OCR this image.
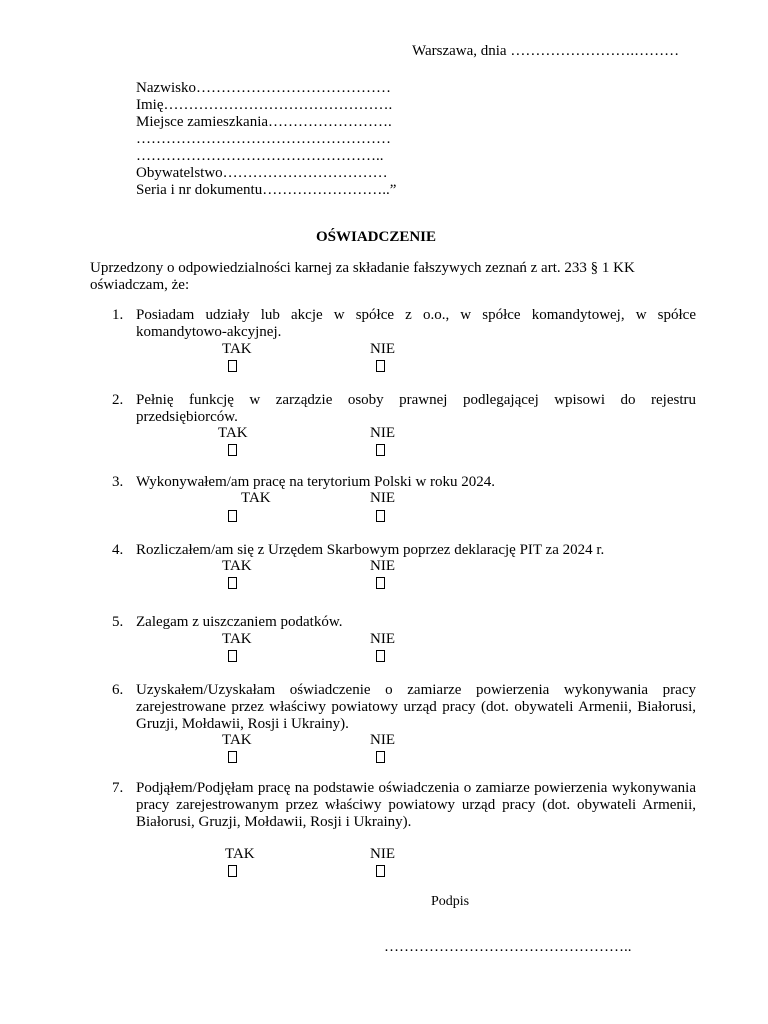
Warszawa, dnia …………………….………
Nazwisko…………………………………
Imię……………………………………….
Miejsce zamieszkania…………………….
……………………………………………
…………………………………………..
Obywatelstwo……………………………
Seria i nr dokumentu……………………..”
OŚWIADCZENIE
Uprzedzony o odpowiedzialności karnej za składanie fałszywych zeznań z art. 233 § 1 KK oświadczam, że:
1. Posiadam udziały lub akcje w spółce z o.o., w spółce komandytowej, w spółce komandytowo-akcyjnej.
TAK	NIE
2. Pełnię funkcję w zarządzie osoby prawnej podlegającej wpisowi do rejestru przedsiębiorców.
TAK	NIE
3. Wykonywałem/am pracę na terytorium Polski w roku 2024.
TAK	NIE
4. Rozliczałem/am się z Urzędem Skarbowym poprzez deklarację PIT za 2024 r.
TAK	NIE
5. Zalegam z uiszczaniem podatków.
TAK	NIE
6. Uzyskałem/Uzyskałam oświadczenie o zamiarze powierzenia wykonywania pracy zarejestrowane przez właściwy powiatowy urząd pracy (dot. obywateli Armenii, Białorusi, Gruzji, Mołdawii, Rosji i Ukrainy).
TAK	NIE
7. Podjąłem/Podjęłam pracę na podstawie oświadczenia o zamiarze powierzenia wykonywania pracy zarejestrowanym przez właściwy powiatowy urząd pracy (dot. obywateli Armenii, Białorusi, Gruzji, Mołdawii, Rosji i Ukrainy).
TAK	NIE
Podpis
…………………………………………..
